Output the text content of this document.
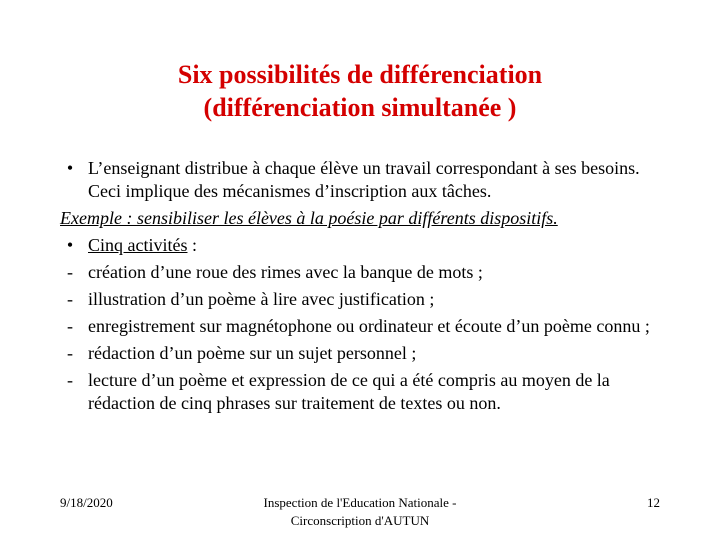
Six possibilités de différenciation
(différenciation simultanée )
• L’enseignant distribue à chaque élève un travail correspondant à ses besoins. Ceci implique des mécanismes d’inscription aux tâches.
Exemple : sensibiliser les élèves à la poésie par différents dispositifs.
• Cinq activités :
- création d’une roue des rimes avec la banque de mots ;
- illustration d’un poème à lire avec justification ;
- enregistrement sur magnétophone ou ordinateur et écoute d’un poème connu ;
- rédaction d’un poème sur un sujet personnel ;
- lecture d’un poème et expression de ce qui a été compris au moyen de la rédaction de cinq phrases sur traitement de textes ou non.
9/18/2020	Inspection de l'Education Nationale -
Circonscription d'AUTUN
12
